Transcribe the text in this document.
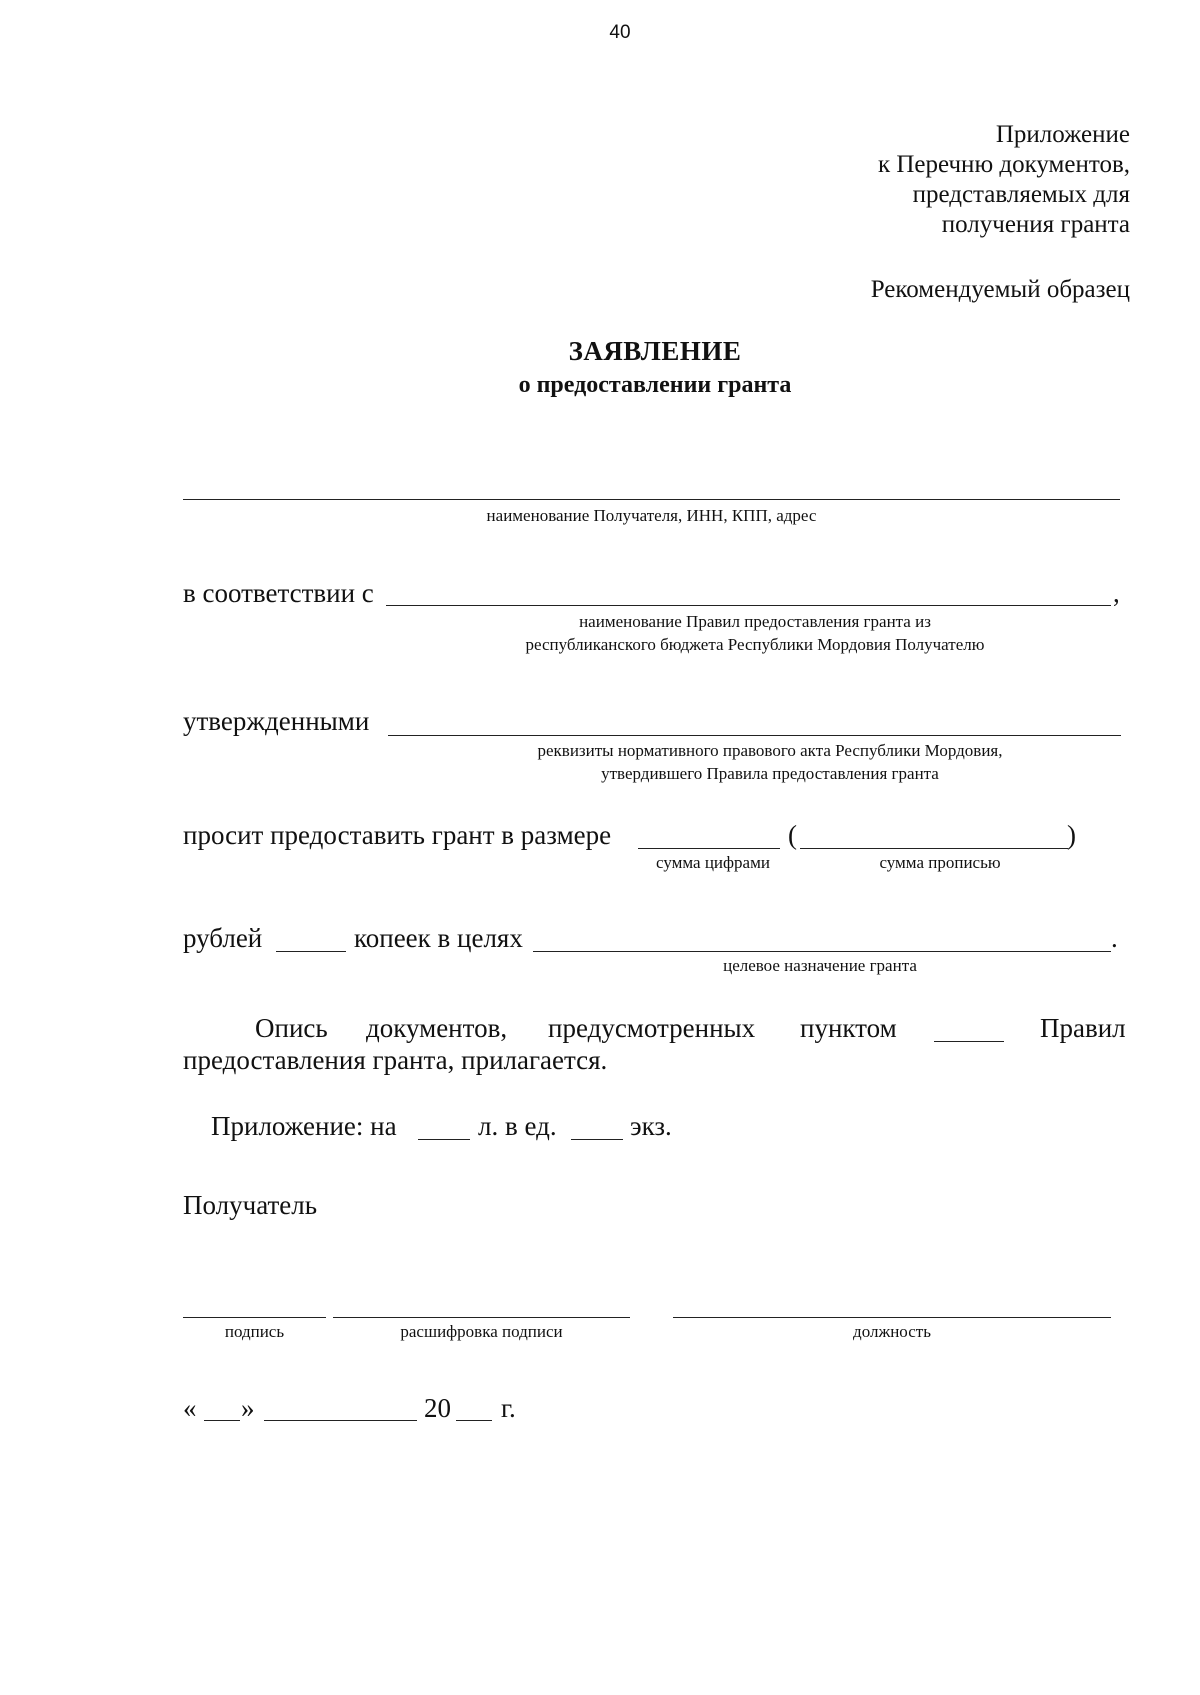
40
Приложение
к Перечню документов,
представляемых для
получения гранта
Рекомендуемый образец
ЗАЯВЛЕНИЕ
о предоставлении гранта
наименование Получателя, ИНН, КПП, адрес
в соответствии с	,
наименование Правил предоставления гранта из
республиканского бюджета Республики Мордовия Получателю
утвержденными
реквизиты нормативного правового акта Республики Мордовия,
утвердившего Правила предоставления гранта
просит предоставить грант в размере	(	)
сумма цифрами	сумма прописью
рублей	копеек в целях	.
целевое назначение гранта
Опись документов, предусмотренных пунктом	Правил
предоставления гранта, прилагается.
Приложение: на	л. в ед.	экз.
Получатель
подпись	расшифровка подписи	должность
« »	20 г.
